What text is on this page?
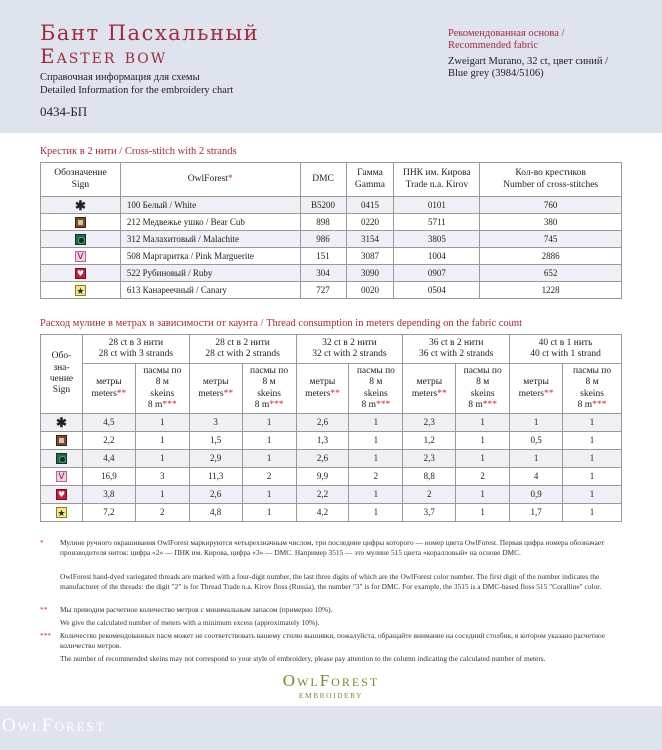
Бант Пасхальный
Easter bow
Справочная информация для схемы
Detailed Information for the embroidery chart
0434-БП
Рекомендованная основа /
Recommended fabric
Zweigart Murano, 32 ct, цвет синий /
Blue grey (3984/5106)
Крестик в 2 нити / Cross-stitch with 2 strands
Обозначение
Sign	OwlForest*	DMC	Гамма
Gamma	ПНК им. Кирова
Trade n.a. Kirov	Кол-во крестиков
Number of cross-stitches
✱	100 Белый / White	B5200	0415	0101	760
	212 Медвежье ушко / Bear Cub	898	0220	5711	380
	312 Малахитовый / Malachite	986	3154	3805	745
V	508 Маргаритка / Pink Marguerite	151	3087	1004	2886
♥	522 Рубиновый / Ruby	304	3090	0907	652
★	613 Канареечный / Canary	727	0020	0504	1228
Расход мулине в метрах в зависимости от каунта / Thread consumption in meters depending on the fabric count
Обо-
зна-
чение
Sign	28 ct в 3 нити
28 ct with 3 strands		28 ct в 2 нити
28 ct with 2 strands		32 ct в 2 нити
32 ct with 2 strands		36 ct в 2 нити
36 ct with 2 strands		40 ct в 1 нить
40 ct with 1 strand	
	метры
meters**	пасмы по
8 м
skeins
8 m***	метры
meters**	пасмы по
8 м
skeins
8 m***	метры
meters**	пасмы по
8 м
skeins
8 m***	метры
meters**	пасмы по
8 м
skeins
8 m***	метры
meters**	пасмы по
8 м
skeins
8 m***
✱	4,5	1	3	1	2,6	1	2,3	1	1	1
	2,2	1	1,5	1	1,3	1	1,2	1	0,5	1
	4,4	1	2,9	1	2,6	1	2,3	1	1	1
V	16,9	3	11,3	2	9,9	2	8,8	2	4	1
♥	3,8	1	2,6	1	2,2	1	2	1	0,9	1
★	7,2	2	4,8	1	4,2	1	3,7	1	1,7	1
* Мулине ручного окрашивания OwlForest маркируются четырехзначным числом, три последние цифры которого — номер цвета OwlForest. Первая цифра номера обозначает производителя ниток: цифра «2» — ПНК им. Кирова, цифра «3» — DMC. Например 3515 — это мулине 515 цвета «коралловый» на основе DMC.
OwlForest hand-dyed variegated threads are marked with a four-digit number, the last three digits of which are the OwlForest color number. The first digit of the number indicates the manufacturer of the threads: the digit "2" is for Thread Trade n.a. Kirov floss (Russia), the number "3" is for DMC. For example, the 3515 is a DMC-based floss 515 "Coralline" color.
** Мы приводим расчетное количество метров с минимальным запасом (примерно 10%).
We give the calculated number of meters with a minimum excess (approximately 10%).
*** Количество рекомендованных пасм может не соответствовать вашему стилю вышивки, пожалуйста, обращайте внимание на соседний столбик, в котором указано расчетное количество метров.
The number of recommended skeins may not correspond to your style of embroidery, please pay attention to the column indicating the calculated number of meters.
OwlForest
EMBROIDERY
OwlForest
